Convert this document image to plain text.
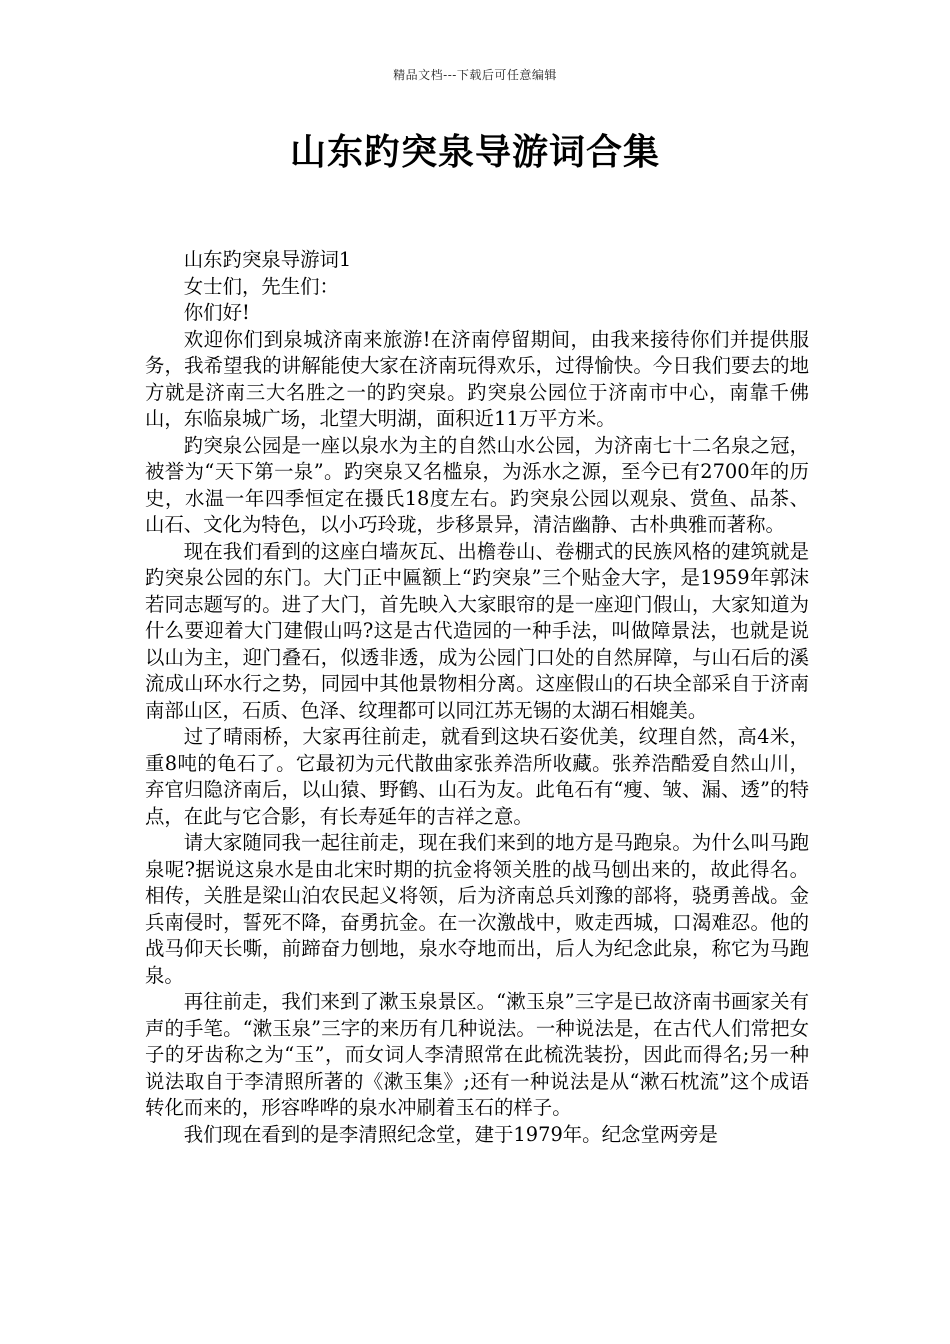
精品文档---下载后可任意编辑
山东趵突泉导游词合集

山东趵突泉导游词1

女士们，先生们：

你们好!

欢迎你们到泉城济南来旅游!在济南停留期间，由我来接待你们并提供服务，我希望我的讲解能使大家在济南玩得欢乐，过得愉快。今日我们要去的地方就是济南三大名胜之一的趵突泉。趵突泉公园位于济南市中心，南靠千佛山，东临泉城广场，北望大明湖，面积近11万平方米。

趵突泉公园是一座以泉水为主的自然山水公园，为济南七十二名泉之冠，被誉为“天下第一泉”。趵突泉又名槛泉，为泺水之源，至今已有2700年的历史，水温一年四季恒定在摄氏18度左右。趵突泉公园以观泉、赏鱼、品茶、山石、文化为特色，以小巧玲珑，步移景异，清洁幽静、古朴典雅而著称。

现在我们看到的这座白墙灰瓦、出檐卷山、卷棚式的民族风格的建筑就是趵突泉公园的东门。大门正中匾额上“趵突泉”三个贴金大字，是1959年郭沫若同志题写的。进了大门，首先映入大家眼帘的是一座迎门假山，大家知道为什么要迎着大门建假山吗?这是古代造园的一种手法，叫做障景法，也就是说以山为主，迎门叠石，似透非透，成为公园门口处的自然屏障，与山石后的溪流成山环水行之势，同园中其他景物相分离。这座假山的石块全部采自于济南南部山区，石质、色泽、纹理都可以同江苏无锡的太湖石相媲美。

过了晴雨桥，大家再往前走，就看到这块石姿优美，纹理自然，高4米，重8吨的龟石了。它最初为元代散曲家张养浩所收藏。张养浩酷爱自然山川，弃官归隐济南后，以山猿、野鹤、山石为友。此龟石有“瘦、皱、漏、透”的特点，在此与它合影，有长寿延年的吉祥之意。

请大家随同我一起往前走，现在我们来到的地方是马跑泉。为什么叫马跑泉呢?据说这泉水是由北宋时期的抗金将领关胜的战马刨出来的，故此得名。相传，关胜是梁山泊农民起义将领，后为济南总兵刘豫的部将，骁勇善战。金兵南侵时，誓死不降，奋勇抗金。在一次激战中，败走西城，口渴难忍。他的战马仰天长嘶，前蹄奋力刨地，泉水夺地而出，后人为纪念此泉，称它为马跑泉。

再往前走，我们来到了漱玉泉景区。“漱玉泉”三字是已故济南书画家关有声的手笔。“漱玉泉”三字的来历有几种说法。一种说法是，在古代人们常把女子的牙齿称之为“玉”，而女词人李清照常在此梳洗装扮，因此而得名;另一种说法取自于李清照所著的《漱玉集》;还有一种说法是从“漱石枕流”这个成语转化而来的，形容哗哗的泉水冲刷着玉石的样子。

我们现在看到的是李清照纪念堂，建于1979年。纪念堂两旁是
